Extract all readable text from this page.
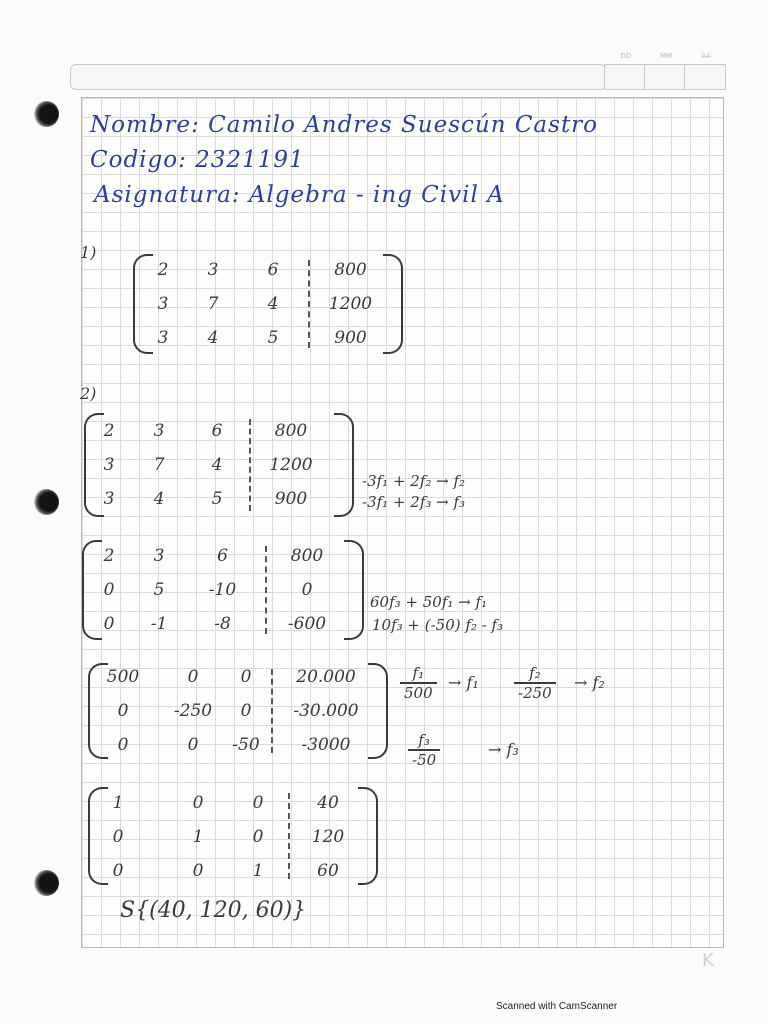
DD	MM	AA
Nombre: Camilo Andres Suescún Castro
Codigo: 2321191
Asignatura: Algebra - ing Civil A
1)
2)
2	3	6	800
3	7	4	1200
3	4	5	900
2	3	6	800
3	7	4	1200
3	4	5	900
-3f₁ + 2f₂ → f₂
-3f₁ + 2f₃ → f₃
2	3	6	800
0	5	-10	0
0	-1	-8	-600
60f₃ + 50f₁ → f₁
10f₃ + (-50) f₂ - f₃
500	0	0	20.000
0	-250	0	-30.000
0	0	-50	-3000
$\frac{\text{f₁}}{500} \to f_1 \frac{\text{f₂}}{-250} \to f_2$
$\frac{\text{f₃}}{-50}$	→ f₃
1	0	0	40
0	1	0	120
0	0	1	60
S{(40, 120, 60)}
K
Scanned with CamScanner
